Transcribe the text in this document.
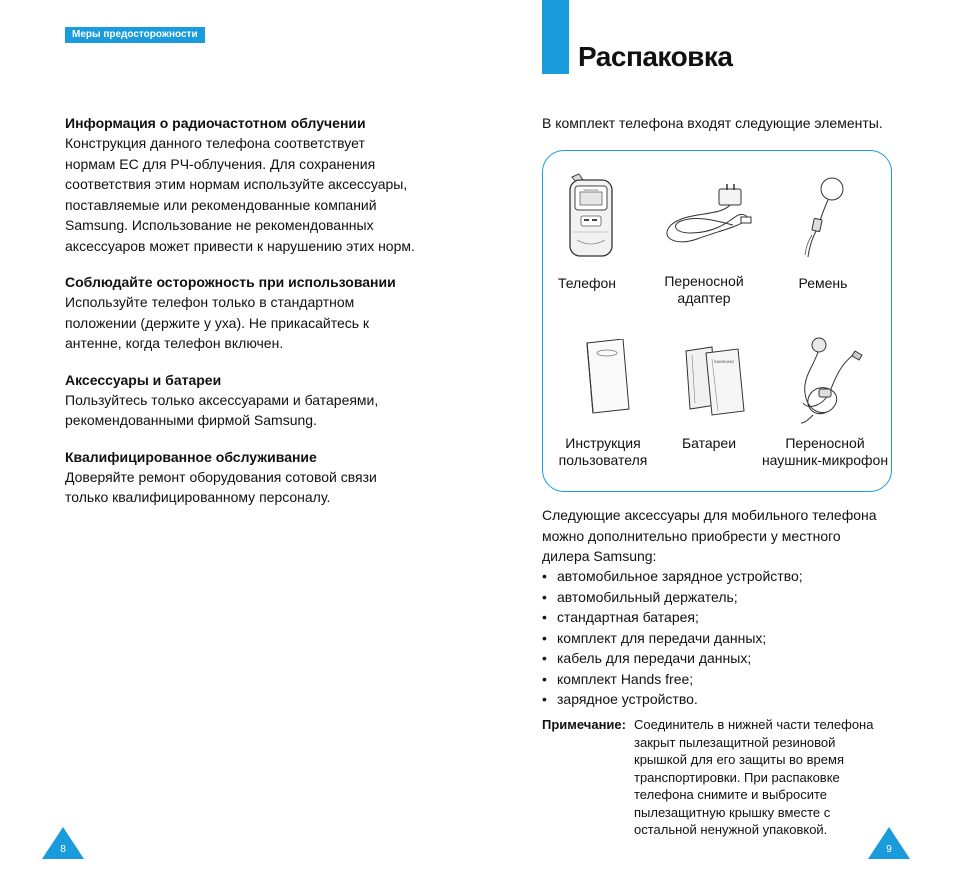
Меры предосторожности
Информация о радиочастотном облучении
Конструкция данного телефона соответствует
нормам ЕС для РЧ-облучения. Для сохранения
соответствия этим нормам используйте аксессуары,
поставляемые или рекомендованные компаний
Samsung. Использование не рекомендованных
аксессуаров может привести к нарушению этих норм.
Соблюдайте осторожность при использовании
Используйте телефон только в стандартном
положении (держите у уха). Не прикасайтесь к
антенне, когда телефон включен.
Аксессуары и батареи
Пользуйтесь только аксессуарами и батареями,
рекомендованными фирмой Samsung.
Квалифицированное обслуживание
Доверяйте ремонт оборудования сотовой связи
только квалифицированному персоналу.
8
Распаковка
В комплект телефона входят следующие элементы.
SAMSUNG
SAMSUNG
Телефон	Переносной
адаптер
Ремень
Инструкция
пользователя
Батареи	Переносной
наушник-микрофон
Следующие аксессуары для мобильного телефона
можно дополнительно приобрести у местного
дилера Samsung:
• автомобильное зарядное устройство;
• автомобильный держатель;
• стандартная батарея;
• комплект для передачи данных;
• кабель для передачи данных;
• комплект Hands free;
• зарядное устройство.
Примечание: Соединитель в нижней части телефона
закрыт пылезащитной резиновой
крышкой для его защиты во время
транспортировки. При распаковке
телефона снимите и выбросите
пылезащитную крышку вместе с
остальной ненужной упаковкой.
9
